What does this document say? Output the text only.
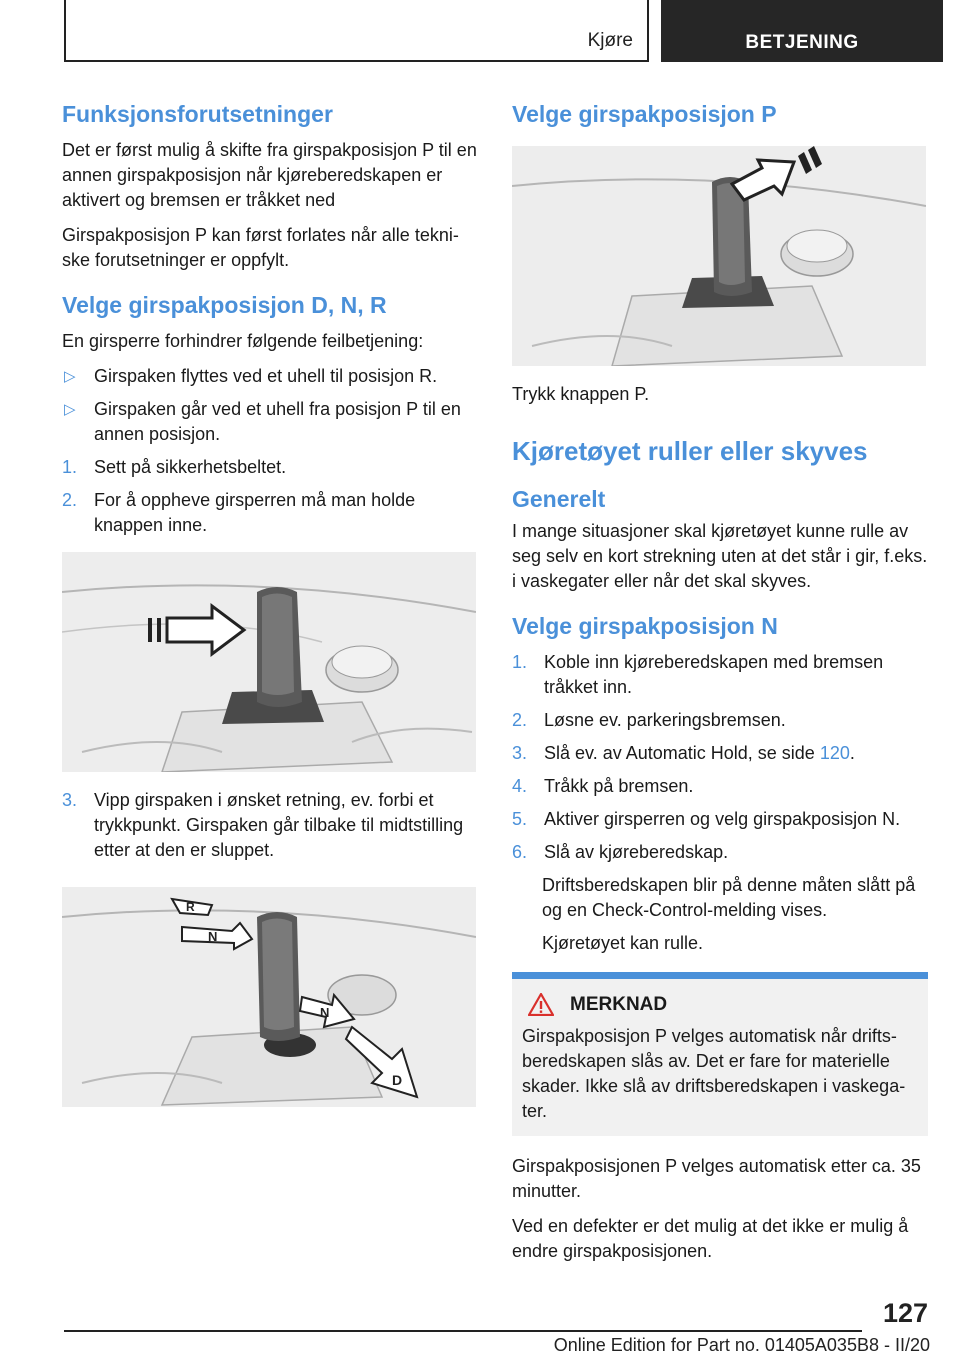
Kjøre	BETJENING
Funksjonsforutsetninger

Det er først mulig å skifte fra girspakposisjon P til en annen girspakposisjon når kjøreberedskapen er aktivert og bremsen er tråkket ned

Girspakposisjon P kan først forlates når alle tekniske forutsetninger er oppfylt.

Velge girspakposisjon D, N, R

En girsperre forhindrer følgende feilbetjening:

▷ Girspaken flyttes ved et uhell til posisjon R.
▷ Girspaken går ved et uhell fra posisjon P til en annen posisjon.
1. Sett på sikkerhetsbeltet.
2. For å oppheve girsperren må man holde knappen inne.
3. Vipp girspaken i ønsket retning, ev. forbi et trykkpunkt. Girspaken går tilbake til midtstilling etter at den er sluppet.
R
N
N
D
Velge girspakposisjon P

Trykk knappen P.

Kjøretøyet ruller eller skyves
Generelt

I mange situasjoner skal kjøretøyet kunne rulle av seg selv en kort strekning uten at det står i gir, f.eks. i vaskegater eller når det skal skyves.

Velge girspakposisjon N
1. Koble inn kjøreberedskapen med bremsen tråkket inn.
2. Løsne ev. parkeringsbremsen.
3. Slå ev. av Automatic Hold, se side 120.
4. Tråkk på bremsen.
5. Aktiver girsperren og velg girspakposisjon N.
6. Slå av kjøreberedskap.
Driftsberedskapen blir på denne måten slått på og en Check-Control-melding vises.
Kjøretøyet kan rulle.
MERKNAD

Girspakposisjon P velges automatisk når driftsberedskapen slås av. Det er fare for materielle skader. Ikke slå av driftsberedskapen i vaskegater.

Girspakposisjonen P velges automatisk etter ca. 35 minutter.

Ved en defekter er det mulig at det ikke er mulig å endre girspakposisjonen.

127
Online Edition for Part no. 01405A035B8 - II/20
